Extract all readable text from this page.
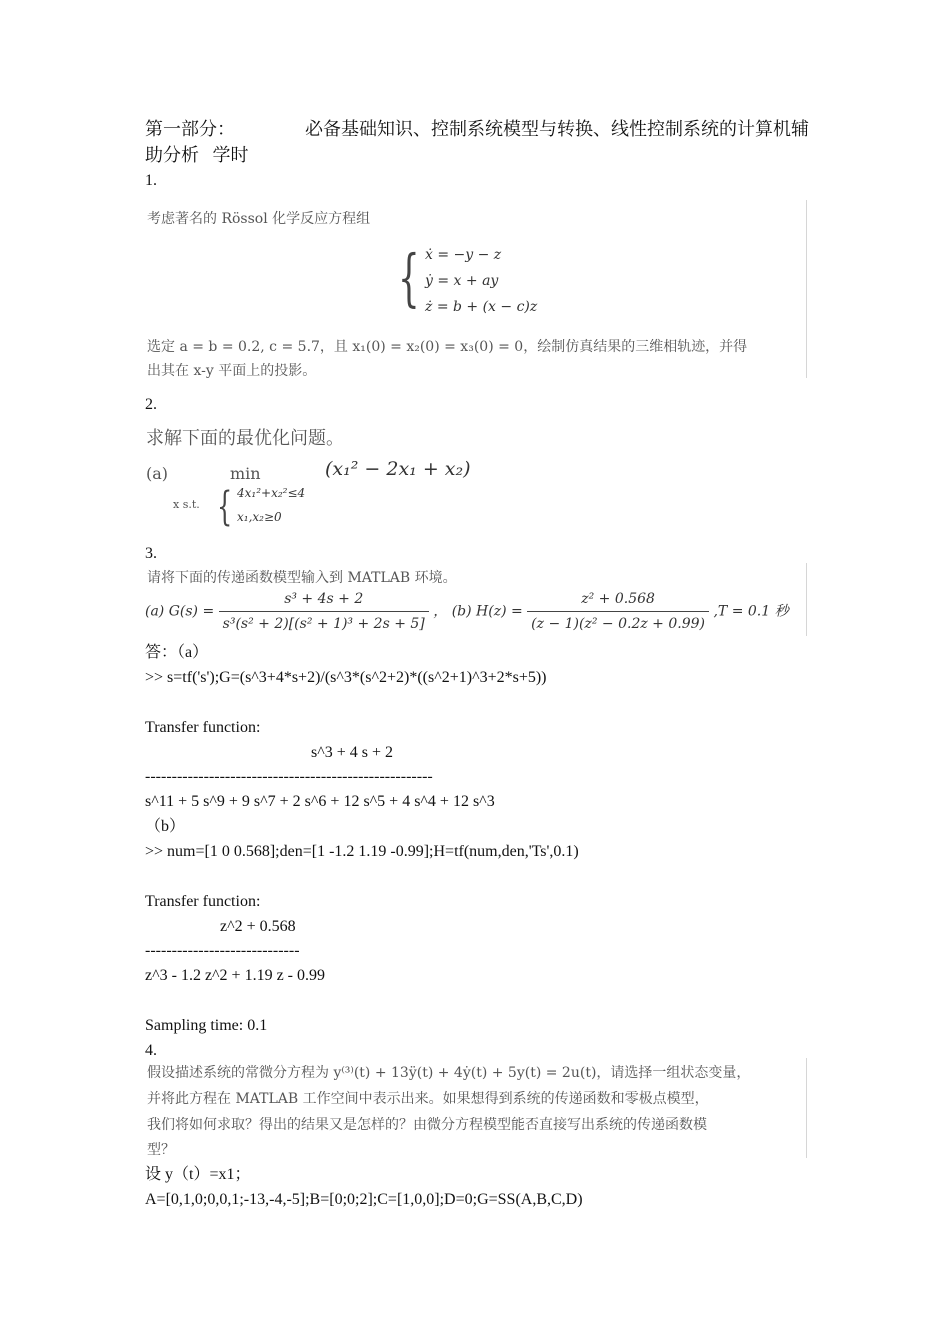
第一部分：	必备基础知识、控制系统模型与转换、线性控制系统的计算机辅助分析 学时
1.
考虑著名的 Rössol 化学反应方程组
{ ẋ = −y − z
ẏ = x + ay
ż = b + (x − c)z
选定 a = b = 0.2, c = 5.7，且 x₁(0) = x₂(0) = x₃(0) = 0，绘制仿真结果的三维相轨迹，并得
出其在 x-y 平面上的投影。
2.
求解下面的最优化问题。
(a)	min	(x₁² − 2x₁ + x₂)
x s.t. { 4x₁²+x₂²≤4
x₁,x₂≥0
3.
请将下面的传递函数模型输入到 MATLAB 环境。
(a) $G(s) = \frac{\text{s³ + 4s + 2}}{\text{s³(s² + 2)[(s² + 1)³ + 2s + 5]}}$ ， (b) $H(z) = \frac{\text{z² + 0.568}}{\text{(z − 1)(z² − 0.2z + 0.99)}} ,T = 0.1$ 秒
答：（a）
>> s=tf('s');G=(s^3+4*s+2)/(s^3*(s^2+2)*((s^2+1)^3+2*s+5))
Transfer function:
s^3 + 4 s + 2
------------------------------------------------------
s^11 + 5 s^9 + 9 s^7 + 2 s^6 + 12 s^5 + 4 s^4 + 12 s^3
（b）
>> num=[1 0 0.568];den=[1 -1.2 1.19 -0.99];H=tf(num,den,'Ts',0.1)
Transfer function:
z^2 + 0.568
-----------------------------
z^3 - 1.2 z^2 + 1.19 z - 0.99
Sampling time: 0.1
4.
假设描述系统的常微分方程为 y⁽³⁾(t) + 13ÿ(t) + 4ẏ(t) + 5y(t) = 2u(t)，请选择一组状态变量，
并将此方程在 MATLAB 工作空间中表示出来。如果想得到系统的传递函数和零极点模型，
我们将如何求取？得出的结果又是怎样的？由微分方程模型能否直接写出系统的传递函数模
型？
设 y（t）=x1；
A=[0,1,0;0,0,1;-13,-4,-5];B=[0;0;2];C=[1,0,0];D=0;G=SS(A,B,C,D)
